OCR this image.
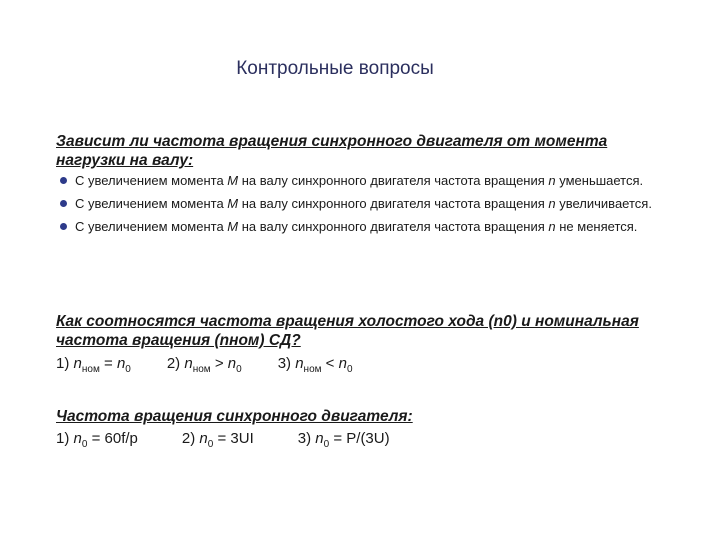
Контрольные вопросы
Зависит ли частота вращения синхронного двигателя от момента нагрузки на валу:
С увеличением момента M на валу синхронного двигателя частота вращения n уменьшается.
С увеличением момента M на валу синхронного двигателя частота вращения n увеличивается.
С увеличением момента M на валу синхронного двигателя частота вращения n не меняется.
Как соотносятся частота вращения холостого хода (n0) и номинальная частота вращения (nном) СД?
1) $n_{ном} = n_0$ 2) $n_{ном} > n_0$ 3) $n_{ном} < n_0$
Частота вращения синхронного двигателя:
1) $n_0 = 60f/p$	2) $n_0 = 3UI$	3) $n_0 = P/(3U)$
